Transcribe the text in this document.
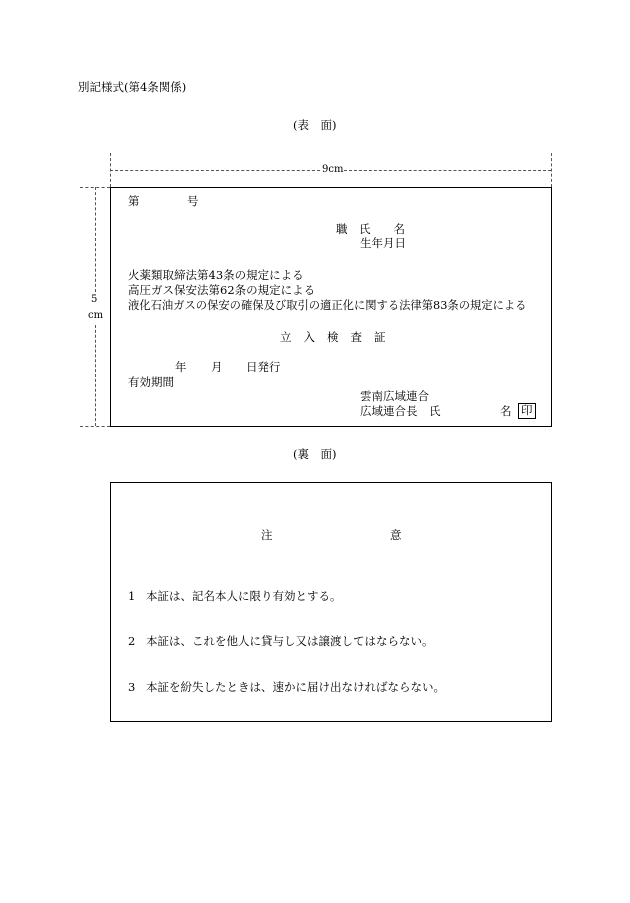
別記様式(第4条関係)
(表　面)
9cm
5
cm
第	号
職　氏　　名
生年月日
火薬類取締法第43条の規定による
高圧ガス保安法第62条の規定による
液化石油ガスの保安の確保及び取引の適正化に関する法律第83条の規定による
立入検査証
年 月 日発行
有効期間
雲南広域連合
広域連合長　氏	名 印
(裏　面)
注	意
1 本証は、記名本人に限り有効とする。
2 本証は、これを他人に貸与し又は譲渡してはならない。
3 本証を紛失したときは、速かに届け出なければならない。
